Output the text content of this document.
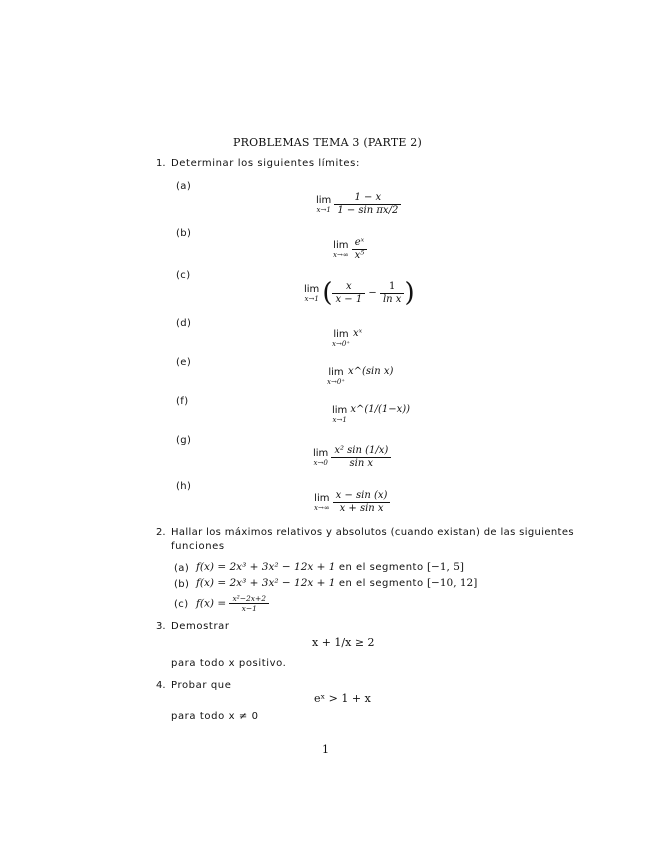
PROBLEMAS TEMA 3 (PARTE 2)
1. Determinar los siguientes límites:
(a)
lim
$x\to 1 \frac{1 - x}{\text{1 − sin πx/2}}$
(b)
lim
$x\to\infty \frac{\text{eˣ}}{\text{x⁵}}$
(c)
lim
x→1 ( $\frac{x}{x - 1} - \frac{1}{\text{ln x}}$ )
(d)
lim
x→0⁺
xˣ
(e)
lim
x→0⁺
x^(sin x)
(f)
lim
x→1
x^(1/(1−x))
(g)
lim
$x\to 0 \frac{\text{x² sin (1/x)}}{\text{sin x}}$
(h)
lim
$x\to\infty \frac{x - \sin (x)}{\text{x + sin x}}$
2. Hallar los máximos relativos y absolutos (cuando existan) de las siguientes
funciones
(a) f(x) = 2x³ + 3x² − 12x + 1 en el segmento [−1, 5]
(b) f(x) = 2x³ + 3x² − 12x + 1 en el segmento [−10, 12]
(c) $f(x) = \frac{\text{x²−2x+2}}{x-1}$
3. Demostrar
x + 1/x ≥ 2
para todo x positivo.
4. Probar que
eˣ > 1 + x
para todo x ≠ 0
1
